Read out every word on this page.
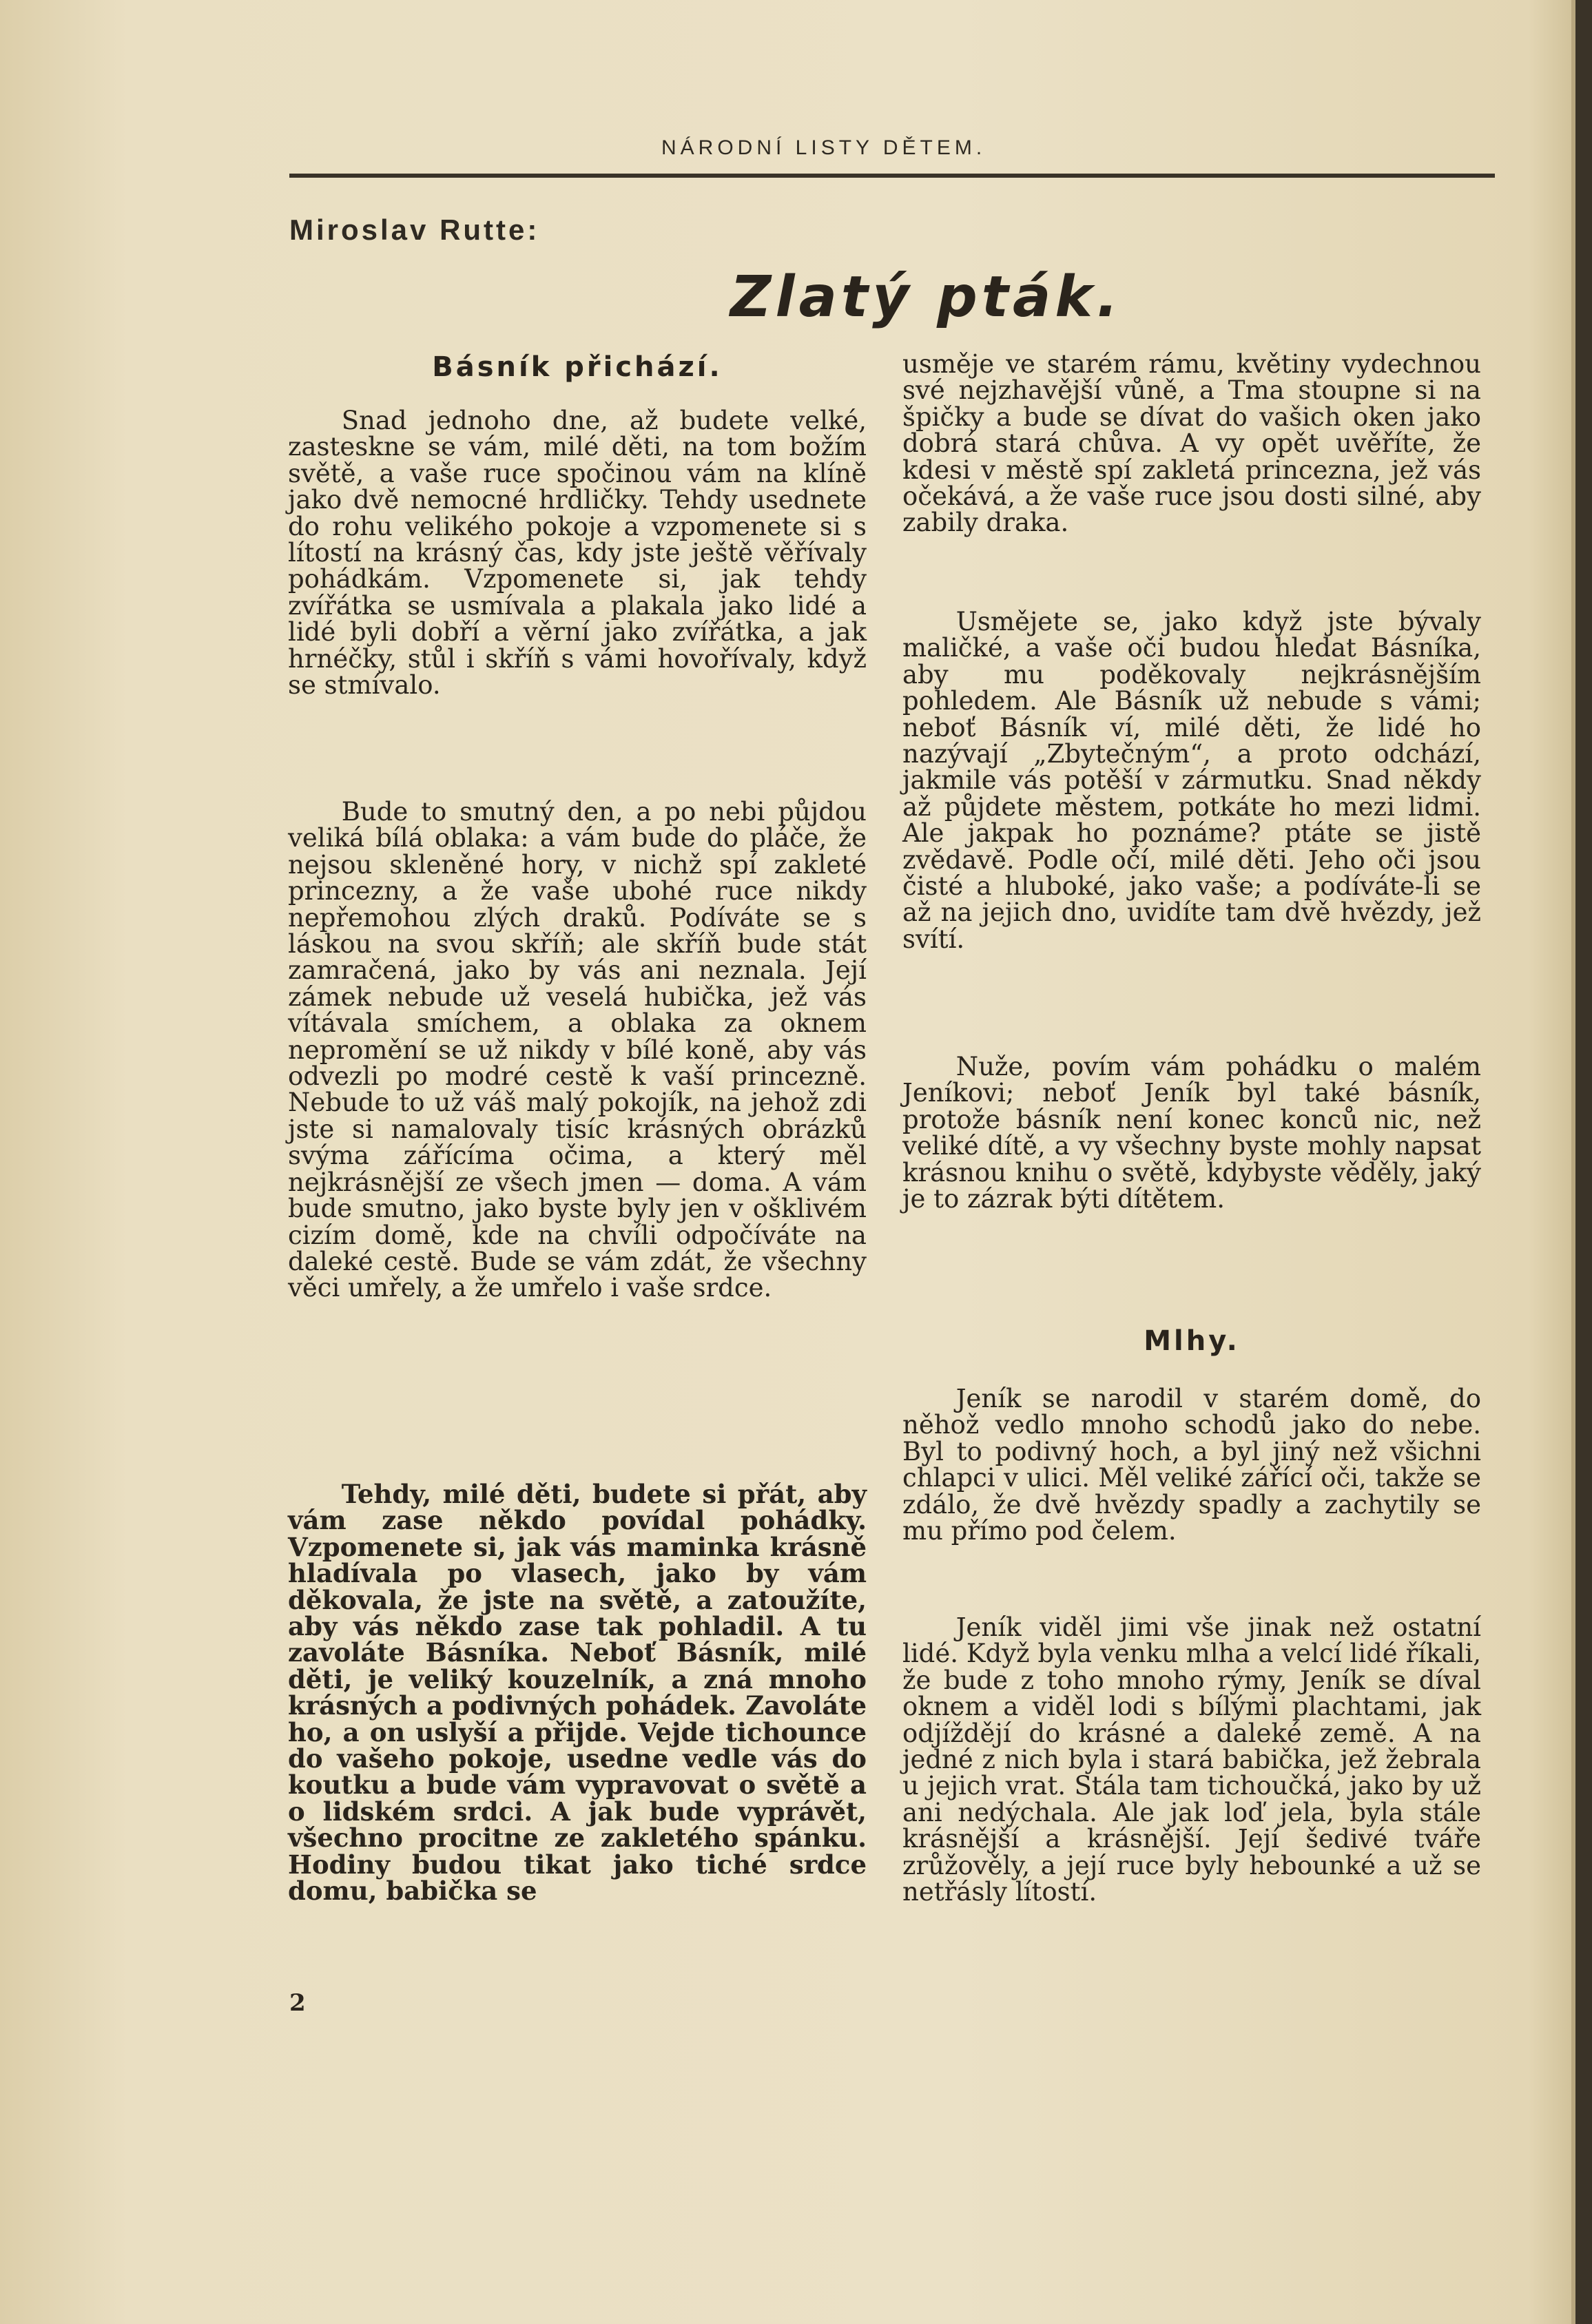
NÁRODNÍ LISTY DĚTEM.
Miroslav Rutte:
Zlatý pták.
Básník přichází.

Snad jednoho dne, až budete velké, zasteskne se vám, milé děti, na tom božím světě, a vaše ruce spočinou vám na klíně jako dvě nemocné hrdličky. Tehdy usednete do rohu velikého pokoje a vzpomenete si s lítostí na krásný čas, kdy jste ještě věřívaly pohádkám. Vzpomenete si, jak tehdy zvířátka se usmívala a plakala jako lidé a lidé byli dobří a věrní jako zvířátka, a jak hrnéčky, stůl i skříň s vámi hovořívaly, když se stmívalo.

Bude to smutný den, a po nebi půjdou veliká bílá oblaka: a vám bude do pláče, že nejsou skleněné hory, v nichž spí zakleté princezny, a že vaše ubohé ruce nikdy nepřemohou zlých draků. Podíváte se s láskou na svou skříň; ale skříň bude stát zamračená, jako by vás ani neznala. Její zámek nebude už veselá hubička, jež vás vítávala smíchem, a oblaka za oknem nepromění se už nikdy v bílé koně, aby vás odvezli po modré cestě k vaší princezně. Nebude to už váš malý pokojík, na jehož zdi jste si namalovaly tisíc krásných obrázků svýma zářícíma očima, a který měl nejkrásnější ze všech jmen — doma. A vám bude smutno, jako byste byly jen v ošklivém cizím domě, kde na chvíli odpočíváte na daleké cestě. Bude se vám zdát, že všechny věci umřely, a že umřelo i vaše srdce.

Tehdy, milé děti, budete si přát, aby vám zase někdo povídal pohádky. Vzpomenete si, jak vás maminka krásně hladívala po vlasech, jako by vám děkovala, že jste na světě, a zatoužíte, aby vás někdo zase tak pohladil. A tu zavoláte Básníka. Neboť Básník, milé děti, je veliký kouzelník, a zná mnoho krásných a podivných pohádek. Zavoláte ho, a on uslyší a přijde. Vejde tichounce do vašeho pokoje, usedne vedle vás do koutku a bude vám vypravovat o světě a o lidském srdci. A jak bude vyprávět, všechno procitne ze zakletého spánku. Hodiny budou tikat jako tiché srdce domu, babička se

usměje ve starém rámu, květiny vydechnou své nejzhavější vůně, a Tma stoupne si na špičky a bude se dívat do vašich oken jako dobrá stará chůva. A vy opět uvěříte, že kdesi v městě spí zakletá princezna, jež vás očekává, a že vaše ruce jsou dosti silné, aby zabily draka.

Usmějete se, jako když jste bývaly maličké, a vaše oči budou hledat Básníka, aby mu poděkovaly nejkrásnějším pohledem. Ale Básník už nebude s vámi; neboť Básník ví, milé děti, že lidé ho nazývají „Zbytečným“, a proto odchází, jakmile vás potěší v zármutku. Snad někdy až půjdete městem, potkáte ho mezi lidmi. Ale jakpak ho poznáme? ptáte se jistě zvědavě. Podle očí, milé děti. Jeho oči jsou čisté a hluboké, jako vaše; a podíváte-li se až na jejich dno, uvidíte tam dvě hvězdy, jež svítí.

Nuže, povím vám pohádku o malém Jeníkovi; neboť Jeník byl také básník, protože básník není konec konců nic, než veliké dítě, a vy všechny byste mohly napsat krásnou knihu o světě, kdybyste věděly, jaký je to zázrak býti dítětem.

Mlhy.

Jeník se narodil v starém domě, do něhož vedlo mnoho schodů jako do nebe. Byl to podivný hoch, a byl jiný než všichni chlapci v ulici. Měl veliké zářící oči, takže se zdálo, že dvě hvězdy spadly a zachytily se mu přímo pod čelem.

Jeník viděl jimi vše jinak než ostatní lidé. Když byla venku mlha a velcí lidé říkali, že bude z toho mnoho rýmy, Jeník se díval oknem a viděl lodi s bílými plachtami, jak odjíždějí do krásné a daleké země. A na jedné z nich byla i stará babička, jež žebrala u jejich vrat. Stála tam tichoučká, jako by už ani nedýchala. Ale jak loď jela, byla stále krásnější a krásnější. Její šedivé tváře zrůžověly, a její ruce byly hebounké a už se netřásly lítostí.

2
